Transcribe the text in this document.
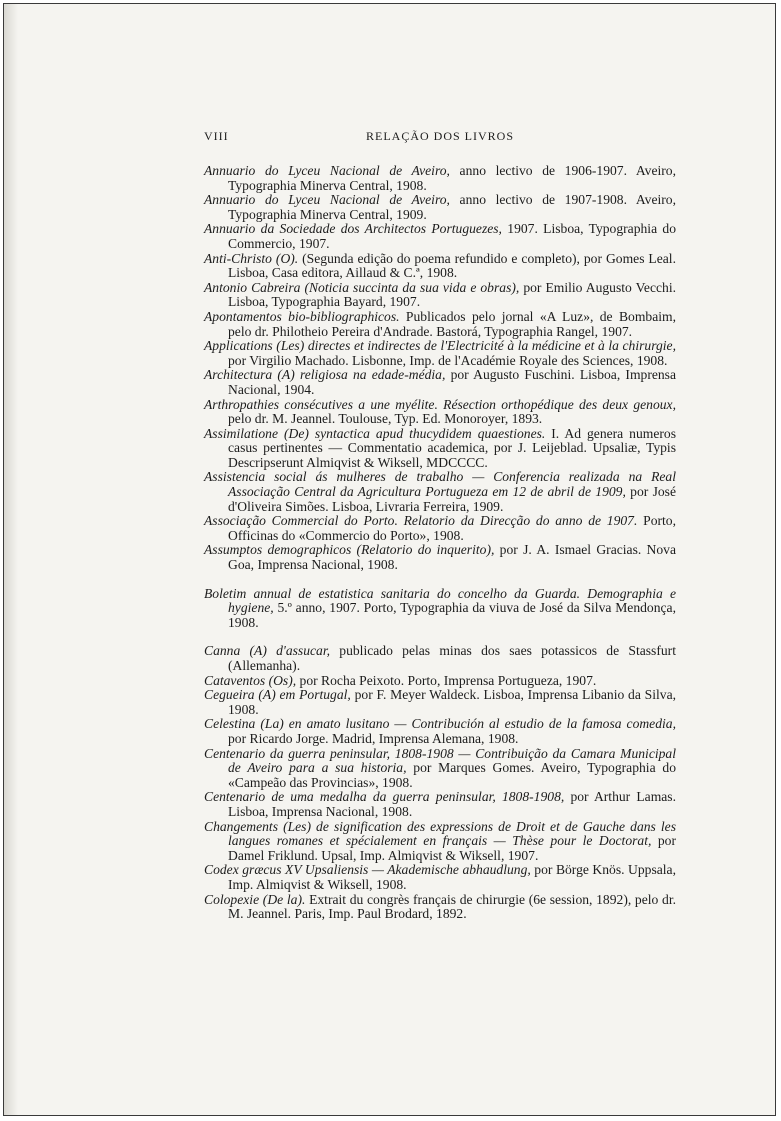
VIII	RELAÇÃO DOS LIVROS

Annuario do Lyceu Nacional de Aveiro, anno lectivo de 1906-1907. Aveiro, Typographia Minerva Central, 1908.

Annuario do Lyceu Nacional de Aveiro, anno lectivo de 1907-1908. Aveiro, Typographia Minerva Central, 1909.

Annuario da Sociedade dos Architectos Portuguezes, 1907. Lisboa, Typographia do Commercio, 1907.

Anti-Christo (O). (Segunda edição do poema refundido e completo), por Gomes Leal. Lisboa, Casa editora, Aillaud & C.ª, 1908.

Antonio Cabreira (Noticia succinta da sua vida e obras), por Emilio Augusto Vecchi. Lisboa, Typographia Bayard, 1907.

Apontamentos bio-bibliographicos. Publicados pelo jornal «A Luz», de Bombaim, pelo dr. Philotheio Pereira d'Andrade. Bastorá, Typographia Rangel, 1907.

Applications (Les) directes et indirectes de l'Electricité à la médicine et à la chirurgie, por Virgilio Machado. Lisbonne, Imp. de l'Académie Royale des Sciences, 1908.

Architectura (A) religiosa na edade-média, por Augusto Fuschini. Lisboa, Imprensa Nacional, 1904.

Arthropathies consécutives a une myélite. Résection orthopédique des deux genoux, pelo dr. M. Jeannel. Toulouse, Typ. Ed. Monoroyer, 1893.

Assimilatione (De) syntactica apud thucydidem quaestiones. I. Ad genera numeros casus pertinentes — Commentatio academica, por J. Leijeblad. Upsaliæ, Typis Descripserunt Almiqvist & Wiksell, MDCCCC.

Assistencia social ás mulheres de trabalho — Conferencia realizada na Real Associação Central da Agricultura Portugueza em 12 de abril de 1909, por José d'Oliveira Simões. Lisboa, Livraria Ferreira, 1909.

Associação Commercial do Porto. Relatorio da Direcção do anno de 1907. Porto, Officinas do «Commercio do Porto», 1908.

Assumptos demographicos (Relatorio do inquerito), por J. A. Ismael Gracias. Nova Goa, Imprensa Nacional, 1908.

Boletim annual de estatistica sanitaria do concelho da Guarda. Demographia e hygiene, 5.º anno, 1907. Porto, Typographia da viuva de José da Silva Mendonça, 1908.

Canna (A) d'assucar, publicado pelas minas dos saes potassicos de Stassfurt (Allemanha).

Cataventos (Os), por Rocha Peixoto. Porto, Imprensa Portugueza, 1907.

Cegueira (A) em Portugal, por F. Meyer Waldeck. Lisboa, Imprensa Libanio da Silva, 1908.

Celestina (La) en amato lusitano — Contribución al estudio de la famosa comedia, por Ricardo Jorge. Madrid, Imprensa Alemana, 1908.

Centenario da guerra peninsular, 1808-1908 — Contribuição da Camara Municipal de Aveiro para a sua historia, por Marques Gomes. Aveiro, Typographia do «Campeão das Provincias», 1908.

Centenario de uma medalha da guerra peninsular, 1808-1908, por Arthur Lamas. Lisboa, Imprensa Nacional, 1908.

Changements (Les) de signification des expressions de Droit et de Gauche dans les langues romanes et spécialement en français — Thèse pour le Doctorat, por Damel Friklund. Upsal, Imp. Almiqvist & Wiksell, 1907.

Codex græcus XV Upsaliensis — Akademische abhaudlung, por Börge Knös. Uppsala, Imp. Almiqvist & Wiksell, 1908.

Colopexie (De la). Extrait du congrès français de chirurgie (6e session, 1892), pelo dr. M. Jeannel. Paris, Imp. Paul Brodard, 1892.
